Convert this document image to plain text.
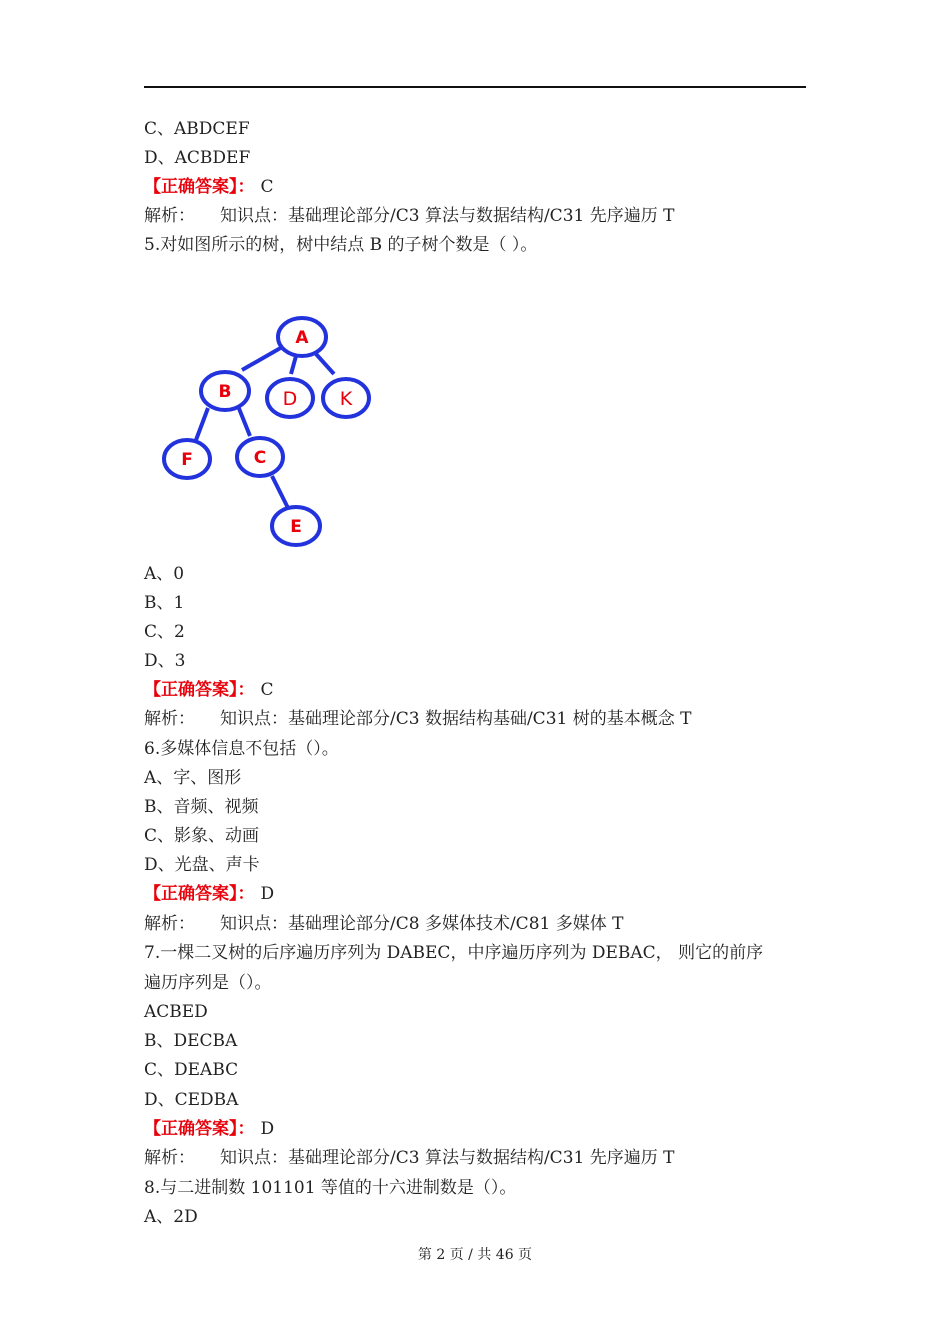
C、ABDCEF
D、ACBDEF
【正确答案】： C
解析： 知识点：基础理论部分/C3 算法与数据结构/C31 先序遍历 T
5.对如图所示的树，树中结点 B 的子树个数是（ ）。
A
B	D K
F	C
E
A、0
B、1
C、2
D、3
【正确答案】： C
解析： 知识点：基础理论部分/C3 数据结构基础/C31 树的基本概念 T
6.多媒体信息不包括（）。
A、字、图形
B、音频、视频
C、影象、动画
D、光盘、声卡
【正确答案】： D
解析： 知识点：基础理论部分/C8 多媒体技术/C81 多媒体 T
7.一棵二叉树的后序遍历序列为 DABEC，中序遍历序列为 DEBAC， 则它的前序
遍历序列是（）。
ACBED
B、DECBA
C、DEABC
D、CEDBA
【正确答案】： D
解析： 知识点：基础理论部分/C3 算法与数据结构/C31 先序遍历 T
8.与二进制数 101101 等值的十六进制数是（）。
A、2D
第 2 页 / 共 46 页
